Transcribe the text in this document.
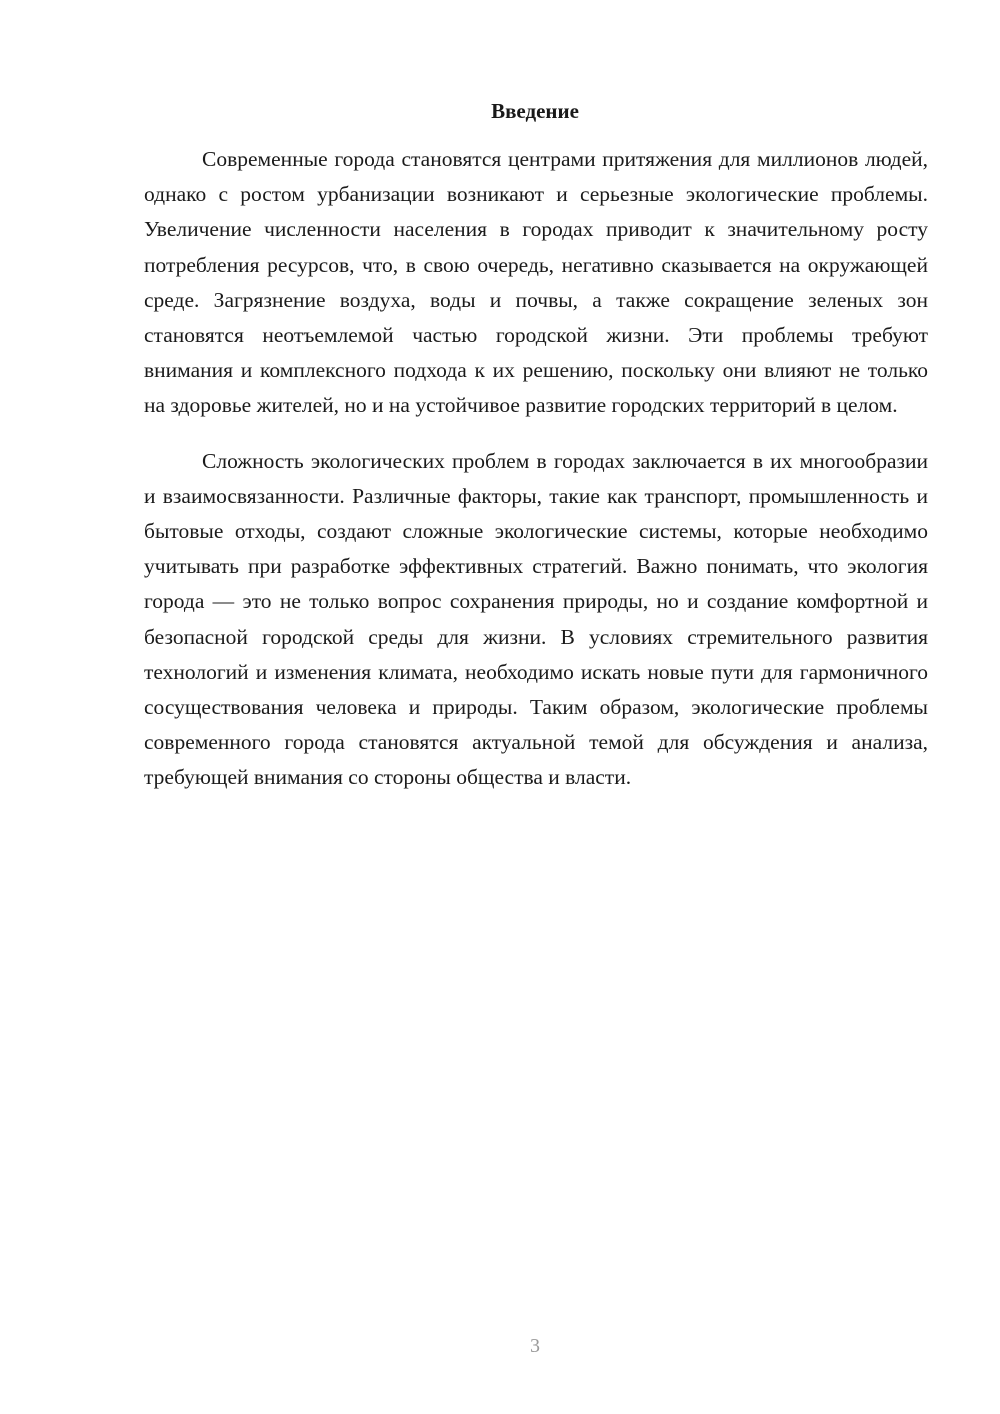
Введение

Современные города становятся центрами притяжения для миллионов людей, однако с ростом урбанизации возникают и серьезные экологические проблемы. Увеличение численности населения в городах приводит к значительному росту потребления ресурсов, что, в свою очередь, негативно сказывается на окружающей среде. Загрязнение воздуха, воды и почвы, а также сокращение зеленых зон становятся неотъемлемой частью городской жизни. Эти проблемы требуют внимания и комплексного подхода к их решению, поскольку они влияют не только на здоровье жителей, но и на устойчивое развитие городских территорий в целом.

Сложность экологических проблем в городах заключается в их многообразии и взаимосвязанности. Различные факторы, такие как транспорт, промышленность и бытовые отходы, создают сложные экологические системы, которые необходимо учитывать при разработке эффективных стратегий. Важно понимать, что экология города — это не только вопрос сохранения природы, но и создание комфортной и безопасной городской среды для жизни. В условиях стремительного развития технологий и изменения климата, необходимо искать новые пути для гармоничного сосуществования человека и природы. Таким образом, экологические проблемы современного города становятся актуальной темой для обсуждения и анализа, требующей внимания со стороны общества и власти.

3
